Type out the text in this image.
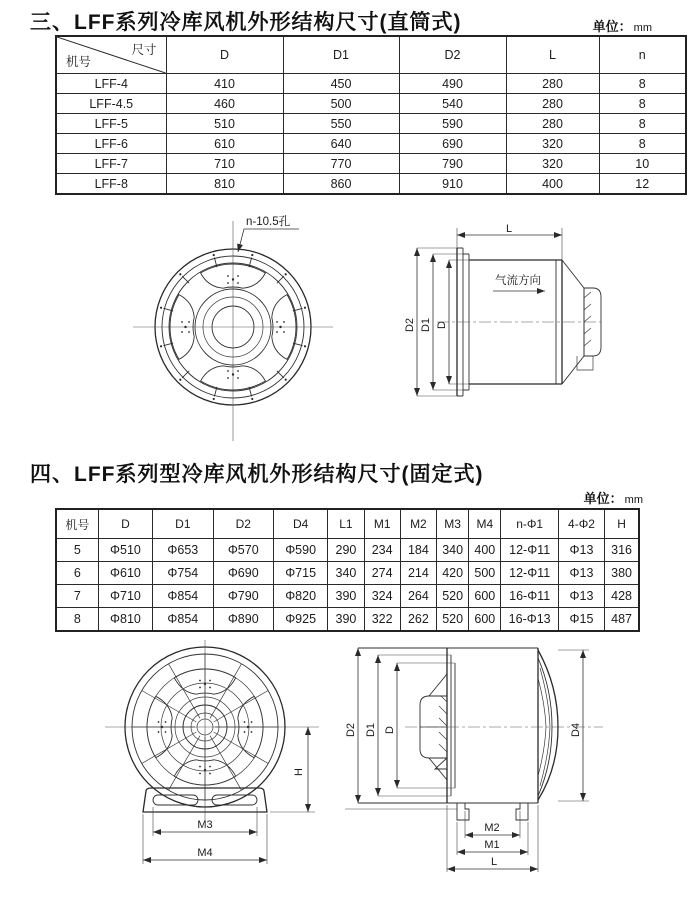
三、LFF系列冷库风机外形结构尺寸(直筒式)	单位： mm
尺寸
机号	D	D1	D2	L	n
LFF-4	410	450	490	280	8
LFF-4.5	460	500	540	280	8
LFF-5	510	550	590	280	8
LFF-6	610	640	690	320	8
LFF-7	710	770	790	320	10
LFF-8	810	860	910	400	12
n-10.5孔
L
D2 D1 D
气流方向
四、LFF系列型冷库风机外形结构尺寸(固定式)
单位： mm
机号	D	D1	D2	D4	L1	M1	M2	M3	M4	n-Φ1	4-Φ2	H
5	Φ510	Φ653	Φ570	Φ590	290	234	184	340	400	12-Φ11	Φ13	316
6	Φ610	Φ754	Φ690	Φ715	340	274	214	420	500	12-Φ11	Φ13	380
7	Φ710	Φ854	Φ790	Φ820	390	324	264	520	600	16-Φ11	Φ13	428
8	Φ810	Φ854	Φ890	Φ925	390	322	262	520	600	16-Φ13	Φ15	487
H
M3
M4
D2 D1 D	D4
M2
M1
L
